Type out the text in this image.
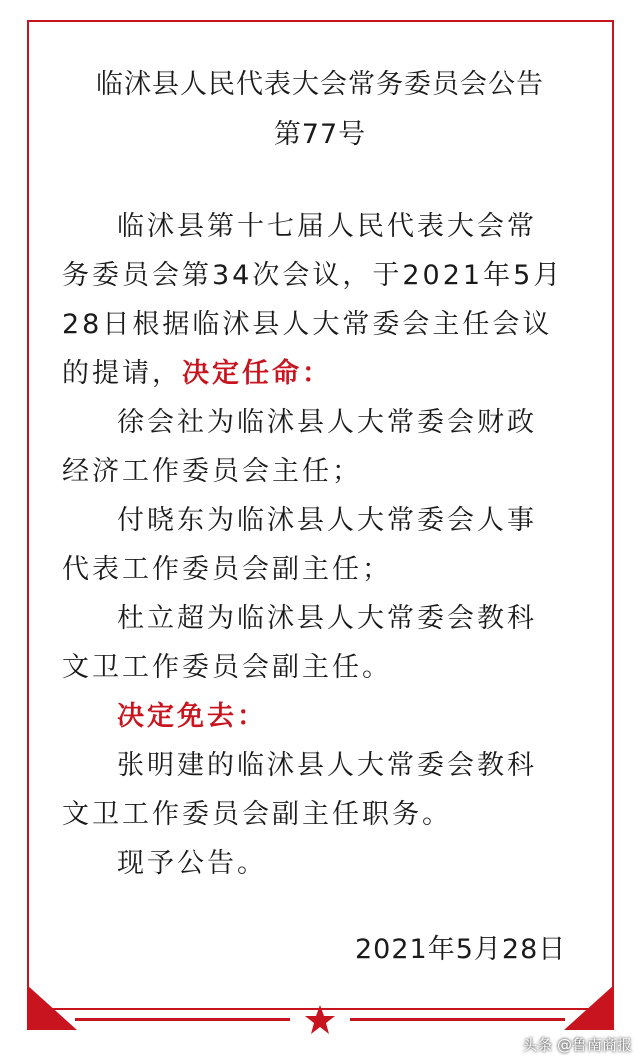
临沭县人民代表大会常务委员会公告
第77号
临沭县第十七届人民代表大会常
务委员会第34次会议，于2021年5月
28日根据临沭县人大常委会主任会议
的提请，决定任命：
徐会社为临沭县人大常委会财政
经济工作委员会主任；
付晓东为临沭县人大常委会人事
代表工作委员会副主任；
杜立超为临沭县人大常委会教科
文卫工作委员会副主任。
决定免去：
张明建的临沭县人大常委会教科
文卫工作委员会副主任职务。
现予公告。
2021年5月28日
头条 @鲁南商报
